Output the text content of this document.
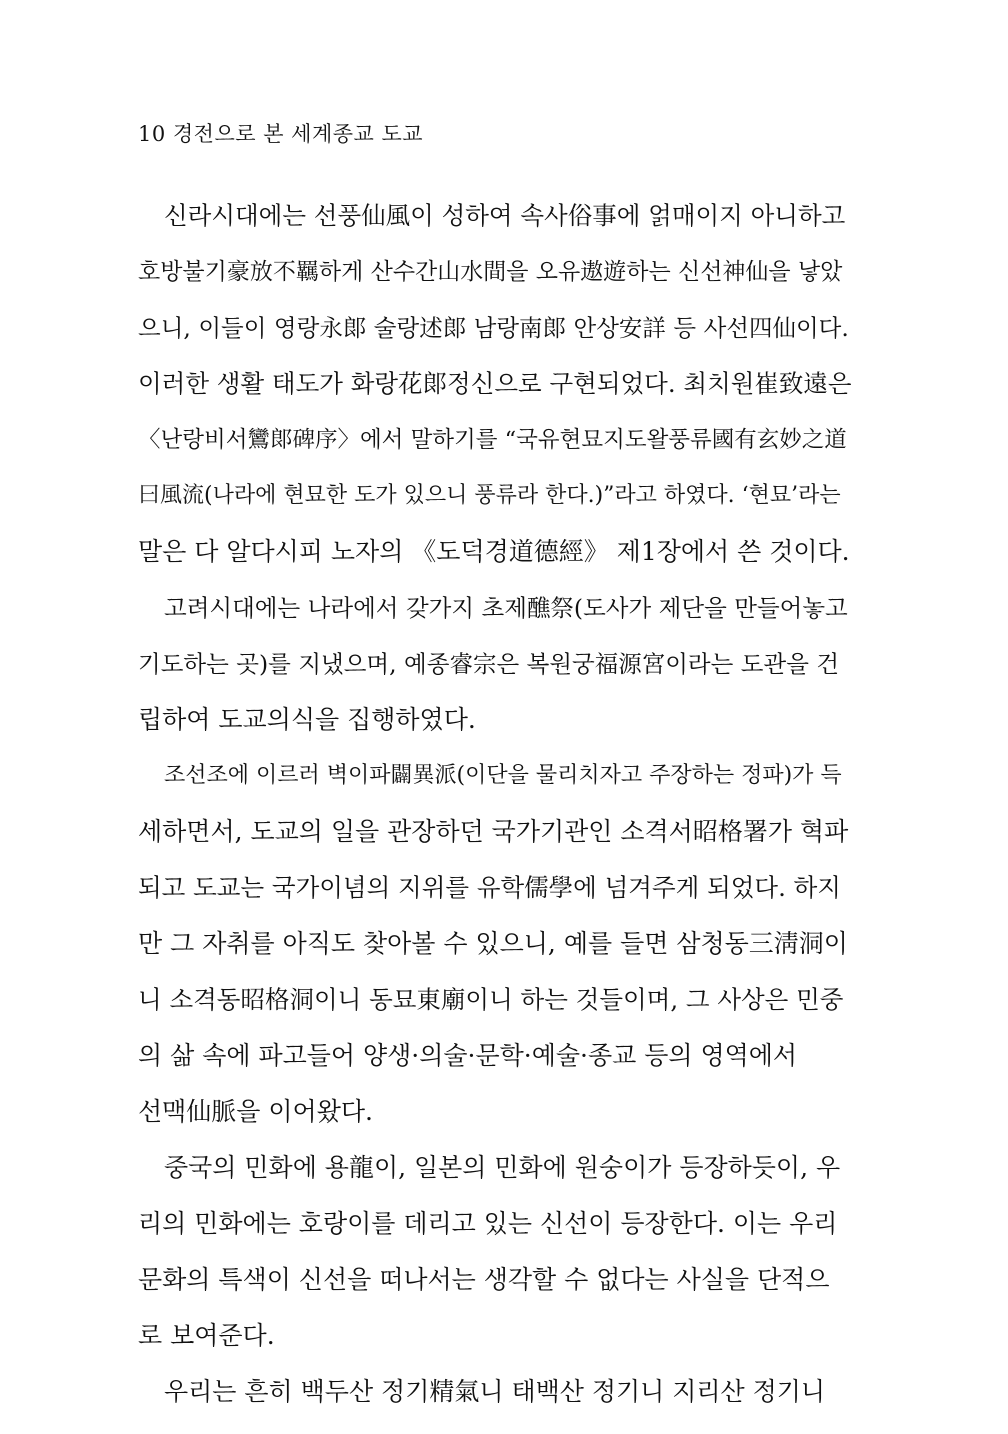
10 경전으로 본 세계종교 도교
신라시대에는 선풍仙風이 성하여 속사俗事에 얽매이지 아니하고
호방불기豪放不羈하게 산수간山水間을 오유遨遊하는 신선神仙을 낳았
으니, 이들이 영랑永郞 술랑述郞 남랑南郞 안상安詳 등 사선四仙이다.
이러한 생활 태도가 화랑花郞정신으로 구현되었다. 최치원崔致遠은
〈난랑비서鸞郞碑序〉에서 말하기를 “국유현묘지도왈풍류國有玄妙之道
曰風流(나라에 현묘한 도가 있으니 풍류라 한다.)”라고 하였다. ‘현묘’라는
말은 다 알다시피 노자의 《도덕경道德經》 제1장에서 쓴 것이다.
고려시대에는 나라에서 갖가지 초제醮祭(도사가 제단을 만들어놓고
기도하는 곳)를 지냈으며, 예종睿宗은 복원궁福源宮이라는 도관을 건
립하여 도교의식을 집행하였다.
조선조에 이르러 벽이파闢異派(이단을 물리치자고 주장하는 정파)가 득
세하면서, 도교의 일을 관장하던 국가기관인 소격서昭格署가 혁파
되고 도교는 국가이념의 지위를 유학儒學에 넘겨주게 되었다. 하지
만 그 자취를 아직도 찾아볼 수 있으니, 예를 들면 삼청동三淸洞이
니 소격동昭格洞이니 동묘東廟이니 하는 것들이며, 그 사상은 민중
의 삶 속에 파고들어 양생·의술·문학·예술·종교 등의 영역에서
선맥仙脈을 이어왔다.
중국의 민화에 용龍이, 일본의 민화에 원숭이가 등장하듯이, 우
리의 민화에는 호랑이를 데리고 있는 신선이 등장한다. 이는 우리
문화의 특색이 신선을 떠나서는 생각할 수 없다는 사실을 단적으
로 보여준다.
우리는 흔히 백두산 정기精氣니 태백산 정기니 지리산 정기니
